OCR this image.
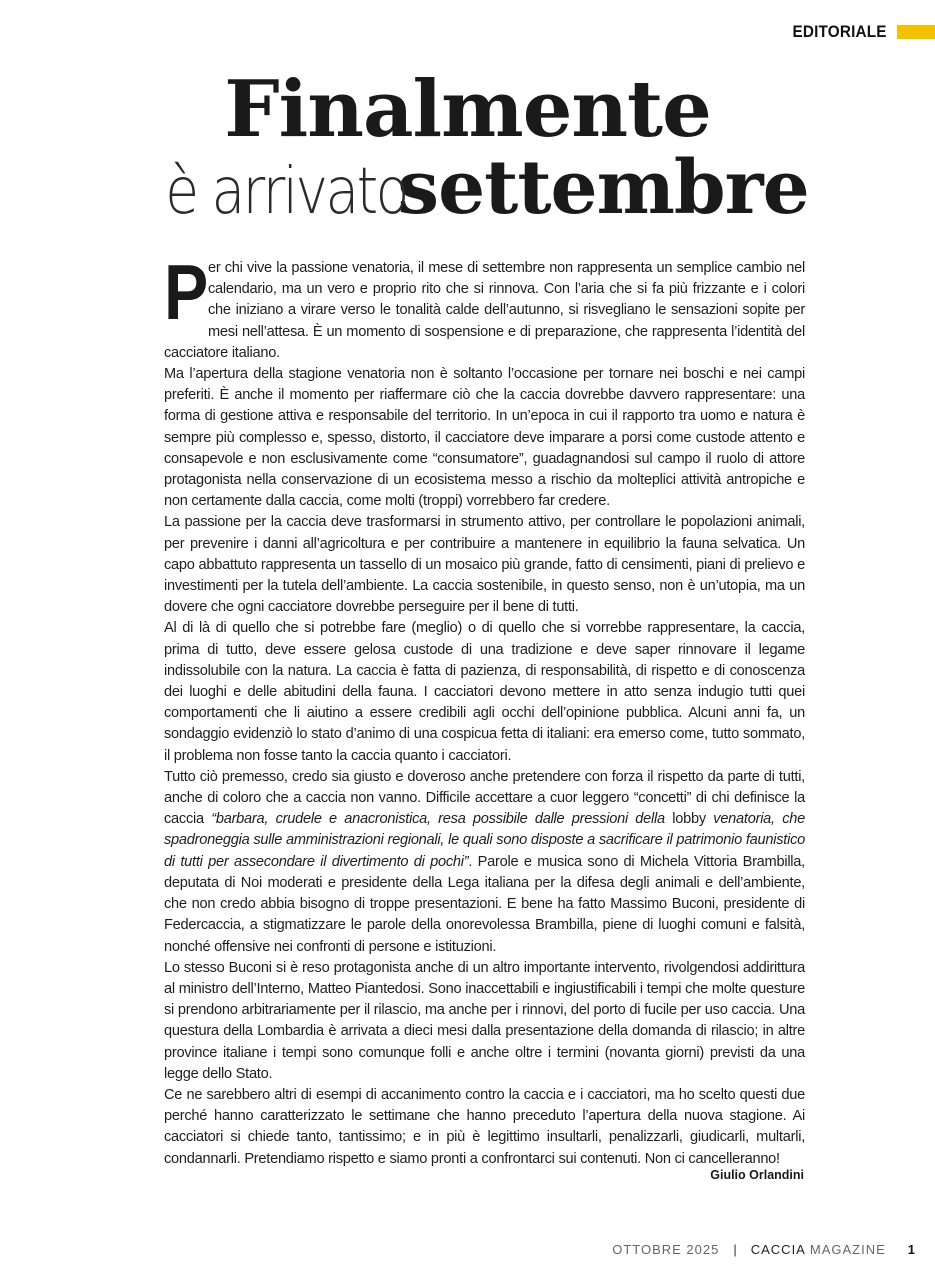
EDITORIALE
Finalmente
è arrivato settembre

Per chi vive la passione venatoria, il mese di settembre non rappresenta un semplice cambio nel calendario, ma un vero e proprio rito che si rinnova. Con l’aria che si fa più frizzante e i colori che iniziano a virare verso le tonalità calde dell’autunno, si risvegliano le sensazioni sopite per mesi nell’attesa. È un momento di sospensione e di preparazione, che rappresenta l’identità del cacciatore italiano.

Ma l’apertura della stagione venatoria non è soltanto l’occasione per tornare nei boschi e nei campi preferiti. È anche il momento per riaffermare ciò che la caccia dovrebbe davvero rappresentare: una forma di gestione attiva e responsabile del territorio. In un’epoca in cui il rapporto tra uomo e natura è sempre più complesso e, spesso, distorto, il cacciatore deve imparare a porsi come custode attento e consapevole e non esclusivamente come “consumatore”, guadagnandosi sul campo il ruolo di attore protagonista nella conservazione di un ecosistema messo a rischio da molteplici attività antropiche e non certamente dalla caccia, come molti (troppi) vorrebbero far credere.

La passione per la caccia deve trasformarsi in strumento attivo, per controllare le popolazioni animali, per prevenire i danni all’agricoltura e per contribuire a mantenere in equilibrio la fauna selvatica. Un capo abbattuto rappresenta un tassello di un mosaico più grande, fatto di censimenti, piani di prelievo e investimenti per la tutela dell’ambiente. La caccia sostenibile, in questo senso, non è un’utopia, ma un dovere che ogni cacciatore dovrebbe perseguire per il bene di tutti.

Al di là di quello che si potrebbe fare (meglio) o di quello che si vorrebbe rappresentare, la caccia, prima di tutto, deve essere gelosa custode di una tradizione e deve saper rinnovare il legame indissolubile con la natura. La caccia è fatta di pazienza, di responsabilità, di rispetto e di conoscenza dei luoghi e delle abitudini della fauna. I cacciatori devono mettere in atto senza indugio tutti quei comportamenti che li aiutino a essere credibili agli occhi dell’opinione pubblica. Alcuni anni fa, un sondaggio evidenziò lo stato d’animo di una cospicua fetta di italiani: era emerso come, tutto sommato, il problema non fosse tanto la caccia quanto i cacciatori.

Tutto ciò premesso, credo sia giusto e doveroso anche pretendere con forza il rispetto da parte di tutti, anche di coloro che a caccia non vanno. Difficile accettare a cuor leggero “concetti” di chi definisce la caccia “barbara, crudele e anacronistica, resa possibile dalle pressioni della lobby venatoria, che spadroneggia sulle amministrazioni regionali, le quali sono disposte a sacrificare il patrimonio faunistico di tutti per assecondare il divertimento di pochi”. Parole e musica sono di Michela Vittoria Brambilla, deputata di Noi moderati e presidente della Lega italiana per la difesa degli animali e dell’ambiente, che non credo abbia bisogno di troppe presentazioni. E bene ha fatto Massimo Buconi, presidente di Federcaccia, a stigmatizzare le parole della onorevolessa Brambilla, piene di luoghi comuni e falsità, nonché offensive nei confronti di persone e istituzioni.

Lo stesso Buconi si è reso protagonista anche di un altro importante intervento, rivolgendosi addirittura al ministro dell’Interno, Matteo Piantedosi. Sono inaccettabili e ingiustificabili i tempi che molte questure si prendono arbitrariamente per il rilascio, ma anche per i rinnovi, del porto di fucile per uso caccia. Una questura della Lombardia è arrivata a dieci mesi dalla presentazione della domanda di rilascio; in altre province italiane i tempi sono comunque folli e anche oltre i termini (novanta giorni) previsti da una legge dello Stato.

Ce ne sarebbero altri di esempi di accanimento contro la caccia e i cacciatori, ma ho scelto questi due perché hanno caratterizzato le settimane che hanno preceduto l’apertura della nuova stagione. Ai cacciatori si chiede tanto, tantissimo; e in più è legittimo insultarli, penalizzarli, giudicarli, multarli, condannarli. Pretendiamo rispetto e siamo pronti a confrontarci sui contenuti. Non ci cancelleranno!

Giulio Orlandini
OTTOBRE 2025 | CACCIA MAGAZINE 1
